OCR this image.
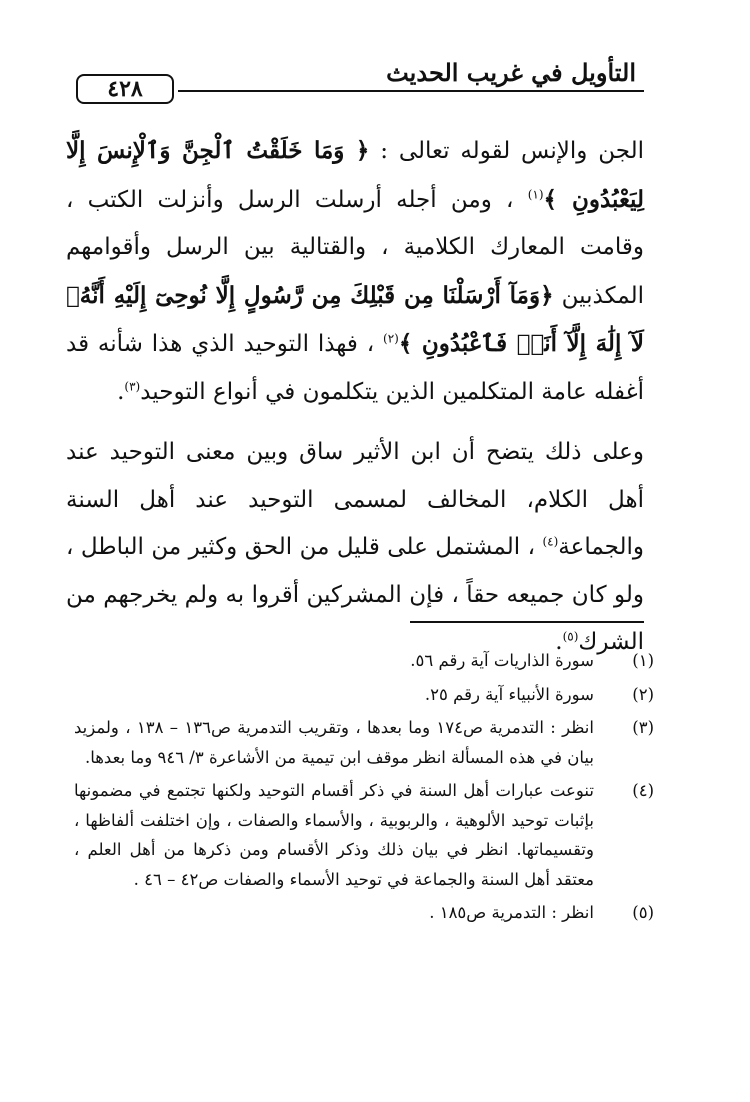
التأويل في غريب الحديث
٤٢٨

الجن والإنس لقوله تعالى : ﴿ وَمَا خَلَقْتُ ٱلْجِنَّ وَٱلْإِنسَ إِلَّا لِيَعْبُدُونِ ﴾$^{(١)}$ ، ومن أجله أرسلت الرسل وأنزلت الكتب ، وقامت المعارك الكلامية ، والقتالية بين الرسل وأقوامهم المكذبين ﴿وَمَآ أَرْسَلْنَا مِن قَبْلِكَ مِن رَّسُولٍ إِلَّا نُوحِىٓ إِلَيْهِ أَنَّهُۥ لَآ إِلَٰهَ إِلَّآ أَنَا۠ فَٱعْبُدُونِ ﴾$^{(٢)}$ ، فهذا التوحيد الذي هذا شأنه قد أغفله عامة المتكلمين الذين يتكلمون في أنواع التوحيد$^{(٣)}$.

وعلى ذلك يتضح أن ابن الأثير ساق وبين معنى التوحيد عند أهل الكلام، المخالف لمسمى التوحيد عند أهل السنة والجماعة$^{(٤)}$ ، المشتمل على قليل من الحق وكثير من الباطل ، ولو كان جميعه حقاً ، فإن المشركين أقروا به ولم يخرجهم من الشرك$^{(٥)}$.

(١)
سورة الذاريات آية رقم ٥٦.
(٢)
سورة الأنبياء آية رقم ٢٥.
(٣)
انظر : التدمرية ص١٧٤ وما بعدها ، وتقريب التدمرية ص١٣٦ – ١٣٨ ، ولمزيد بيان في هذه المسألة انظر موقف ابن تيمية من الأشاعرة ٣/ ٩٤٦ وما بعدها.
(٤)
تنوعت عبارات أهل السنة في ذكر أقسام التوحيد ولكنها تجتمع في مضمونها بإثبات توحيد الألوهية ، والربوبية ، والأسماء والصفات ، وإن اختلفت ألفاظها ، وتقسيماتها. انظر في بيان ذلك وذكر الأقسام ومن ذكرها من أهل العلم ، معتقد أهل السنة والجماعة في توحيد الأسماء والصفات ص٤٢ – ٤٦ .
(٥)
انظر : التدمرية ص١٨٥ .
